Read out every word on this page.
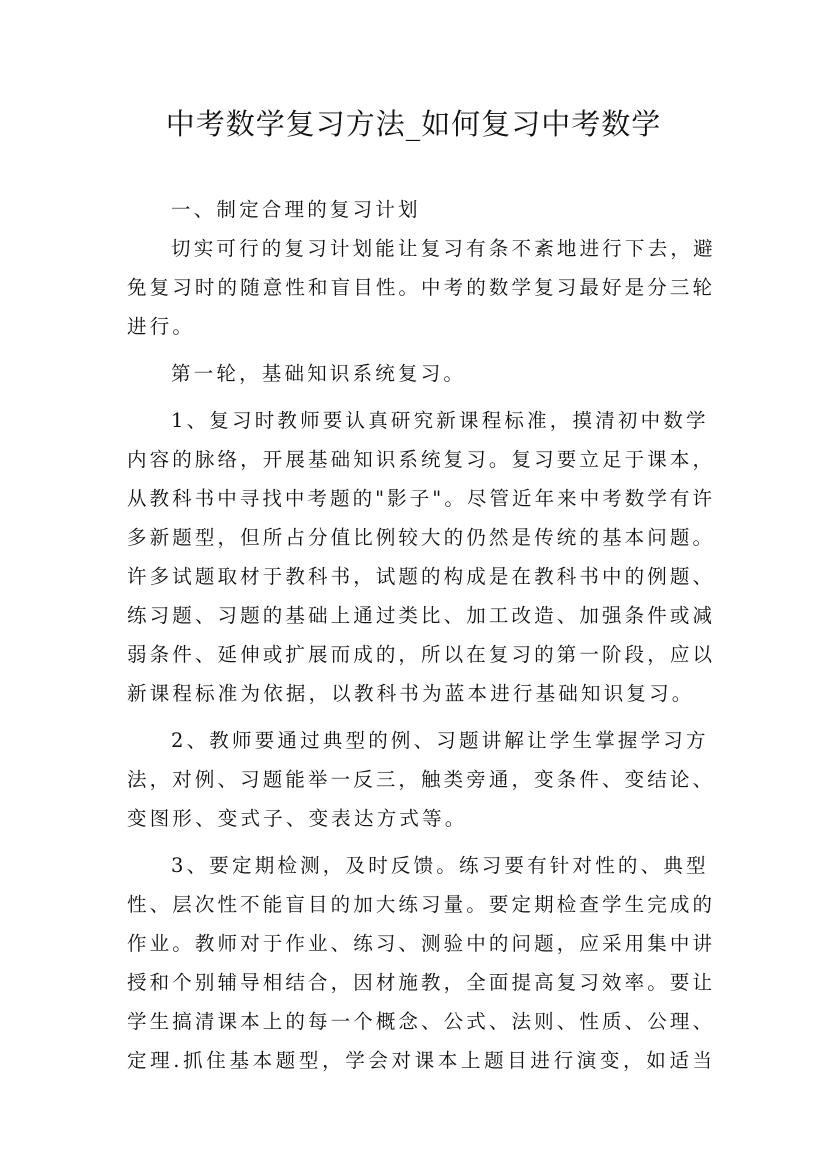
中考数学复习方法_如何复习中考数学

一、制定合理的复习计划

切实可行的复习计划能让复习有条不紊地进行下去，避

免复习时的随意性和盲目性。中考的数学复习最好是分三轮

进行。

第一轮，基础知识系统复习。

1、复习时教师要认真研究新课程标准，摸清初中数学

内容的脉络，开展基础知识系统复习。复习要立足于课本，

从教科书中寻找中考题的"影子"。尽管近年来中考数学有许

多新题型，但所占分值比例较大的仍然是传统的基本问题。

许多试题取材于教科书，试题的构成是在教科书中的例题、

练习题、习题的基础上通过类比、加工改造、加强条件或减

弱条件、延伸或扩展而成的，所以在复习的第一阶段，应以

新课程标准为依据，以教科书为蓝本进行基础知识复习。

2、教师要通过典型的例、习题讲解让学生掌握学习方

法，对例、习题能举一反三，触类旁通，变条件、变结论、

变图形、变式子、变表达方式等。

3、要定期检测，及时反馈。练习要有针对性的、典型

性、层次性不能盲目的加大练习量。要定期检查学生完成的

作业。教师对于作业、练习、测验中的问题，应采用集中讲

授和个别辅导相结合，因材施教，全面提高复习效率。要让

学生搞清课本上的每一个概念、公式、法则、性质、公理、

定理.抓住基本题型，学会对课本上题目进行演变，如适当
